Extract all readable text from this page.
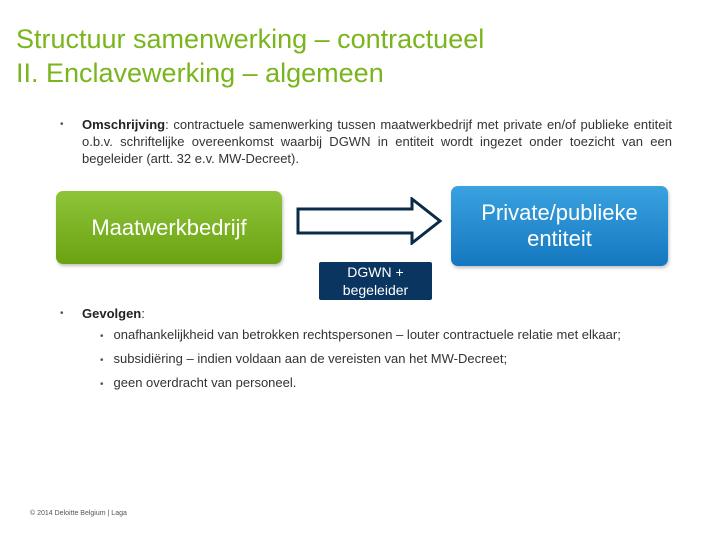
Structuur samenwerking – contractueel
II. Enclavewerking – algemeen
• Omschrijving: contractuele samenwerking tussen maatwerkbedrijf met private en/of publieke entiteit o.b.v. schriftelijke overeenkomst waarbij DGWN in entiteit wordt ingezet onder toezicht van een begeleider (artt. 32 e.v. MW-Decreet).
Maatwerkbedrijf
Private/publieke
entiteit
DGWN +
begeleider
• Gevolgen:
• onafhankelijkheid van betrokken rechtspersonen – louter contractuele relatie met elkaar;
• subsidiëring – indien voldaan aan de vereisten van het MW-Decreet;
• geen overdracht van personeel.
© 2014 Deloitte Belgium | Laga
